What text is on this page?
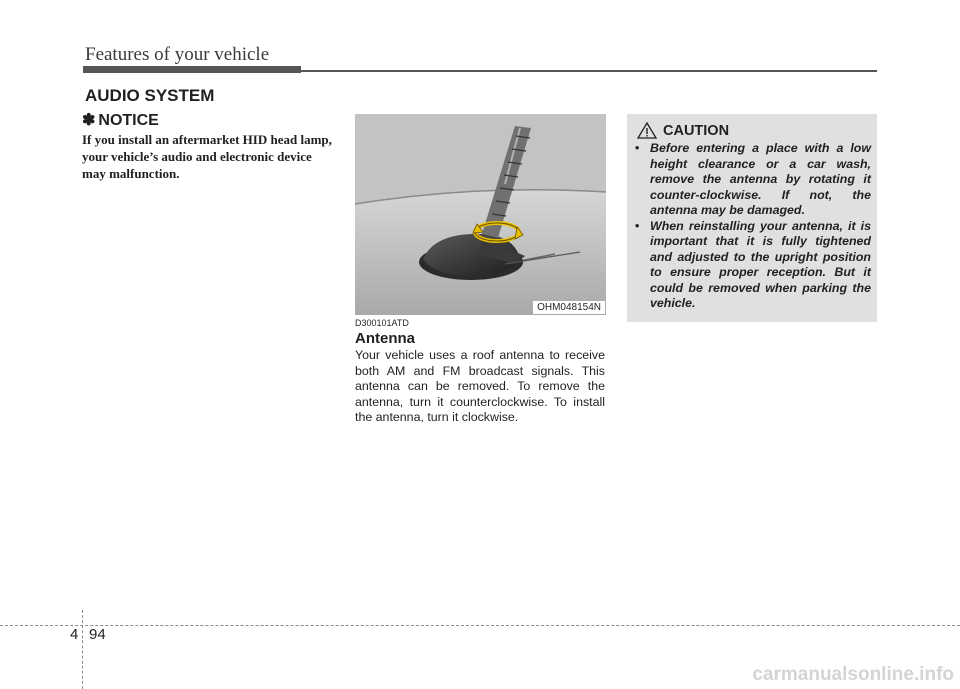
Features of your vehicle
AUDIO SYSTEM
✽ NOTICE
If you install an aftermarket HID head lamp, your vehicle’s audio and electronic device may malfunction.
OHM048154N
D300101ATD
Antenna
Your vehicle uses a roof antenna to receive both AM and FM broadcast signals. This antenna can be removed. To remove the antenna, turn it counterclockwise. To install the antenna, turn it clockwise.
CAUTION
• Before entering a place with a low height clearance or a car wash, remove the antenna by rotating it counter-clockwise. If not, the antenna may be damaged.
• When reinstalling your antenna, it is important that it is fully tightened and adjusted to the upright position to ensure proper reception. But it could be removed when parking the vehicle.
4 94
carmanualsonline.info
